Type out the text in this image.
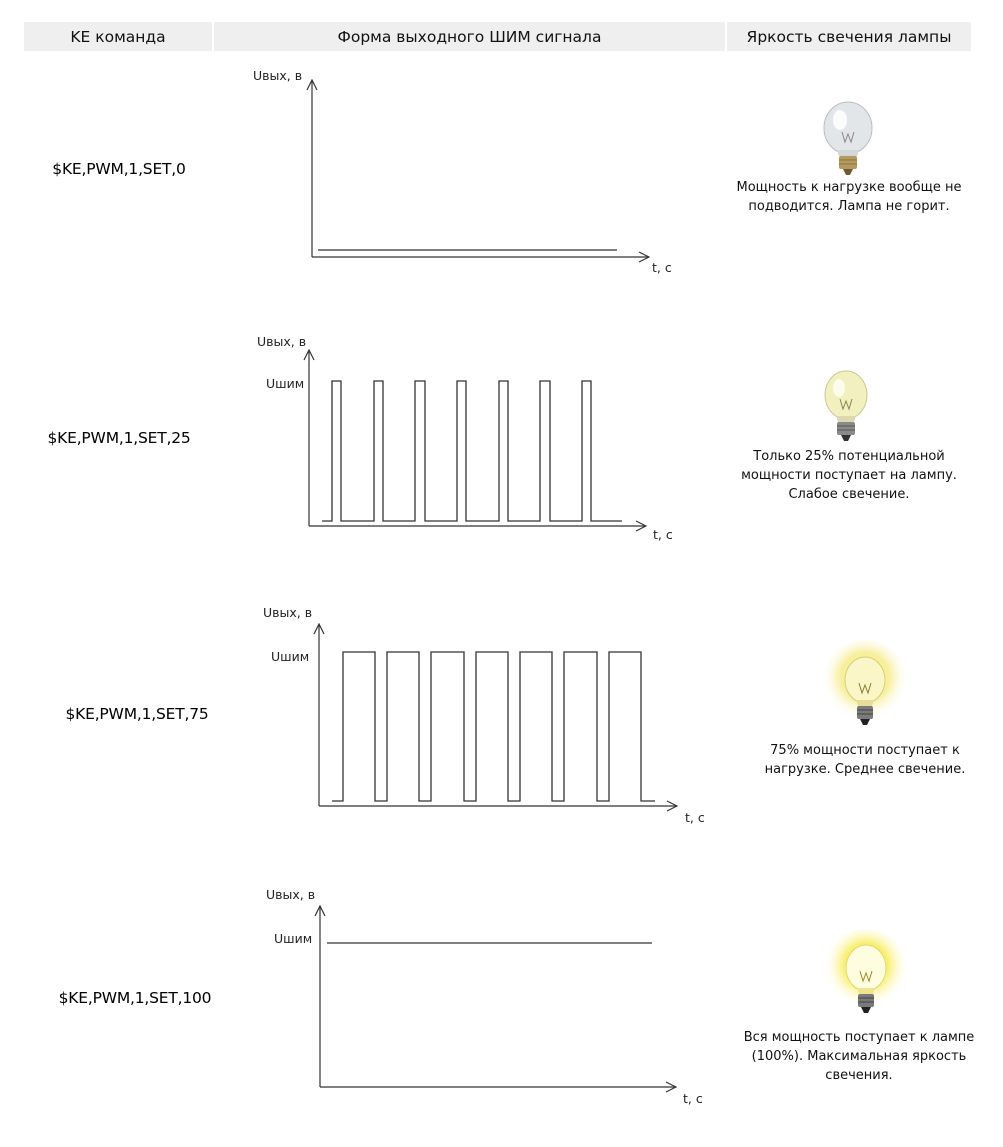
KE команда	Форма выходного ШИМ сигнала	Яркость свечения лампы
$KE,PWM,1,SET,0
$KE,PWM,1,SET,25
$KE,PWM,1,SET,75
$KE,PWM,1,SET,100
Uвых, в
t, c
Uвых, в
Uшим
t, c
Uвых, в
Uшим
t, c
Uвых, в
Uшим
t, c
Мощность к нагрузке вообще не подводится. Лампа не горит.
Только 25% потенциальной мощности поступает на лампу. Слабое свечение.
75% мощности поступает к нагрузке. Среднее свечение.
Вся мощность поступает к лампе (100%). Максимальная яркость свечения.
